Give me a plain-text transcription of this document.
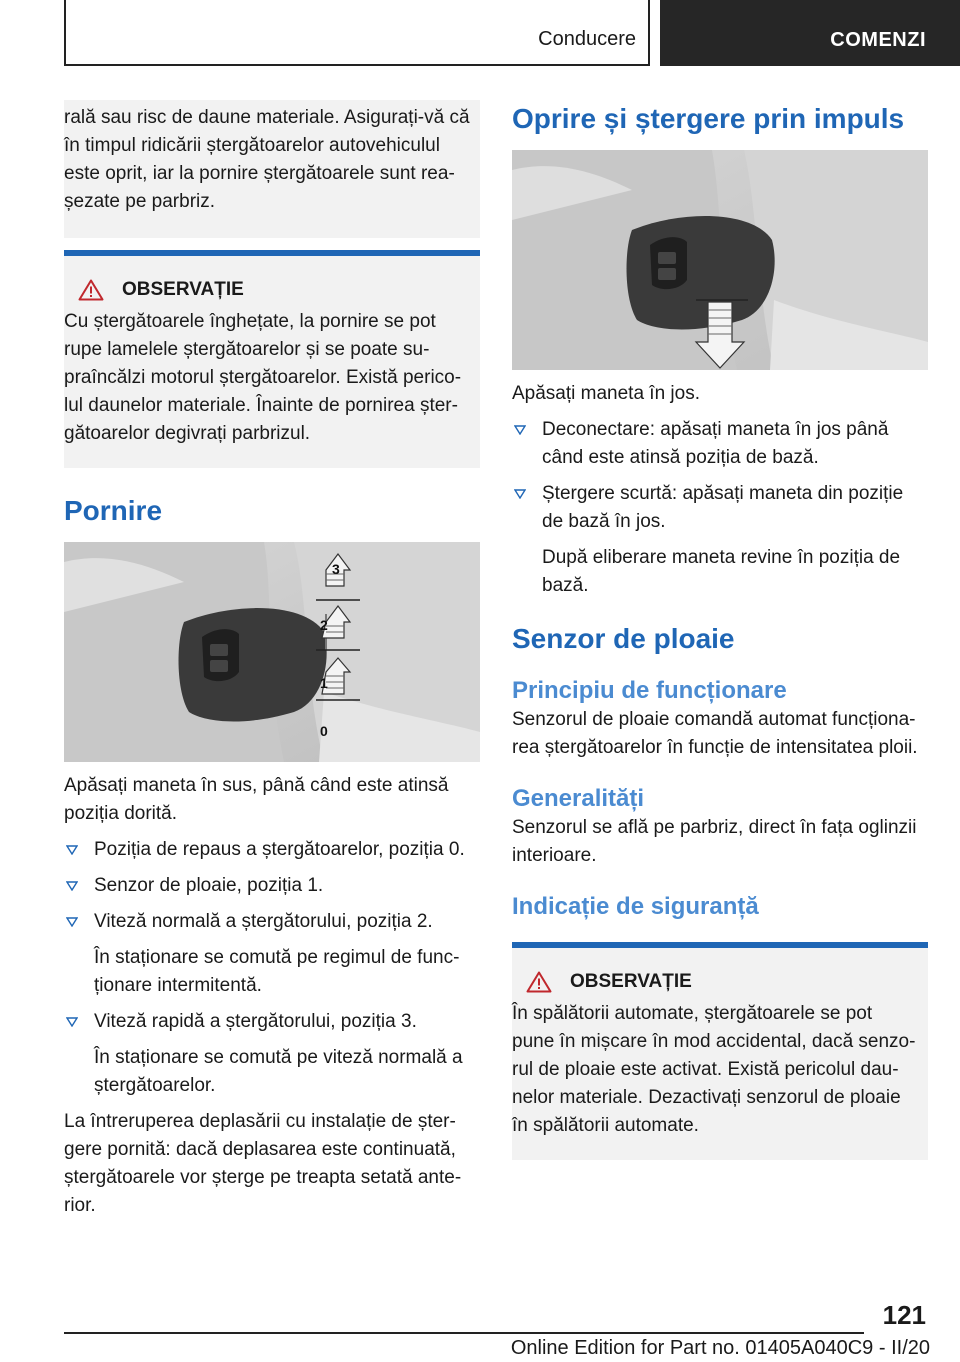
Conducere	COMENZI
rală sau risc de daune materiale. Asigurați-vă că în timpul ridicării ștergătoarelor autovehiculul este oprit, iar la pornire ștergătoarele sunt reașezate pe parbriz.
OBSERVAȚIE
Cu ștergătoarele înghețate, la pornire se pot rupe lamelele ștergătoarelor și se poate supraîncălzi motorul ștergătoarelor. Există pericolul daunelor materiale. Înainte de pornirea ștergătoarelor degivrați parbrizul.
Pornire
3
2
1
0
Apăsați maneta în sus, până când este atinsă poziția dorită.
Poziția de repaus a ștergătoarelor, poziția 0.
Senzor de ploaie, poziția 1.
Viteză normală a ștergătorului, poziția 2.
În staționare se comută pe regimul de funcționare intermitentă.
Viteză rapidă a ștergătorului, poziția 3.
În staționare se comută pe viteză normală a ștergătoarelor.
La întreruperea deplasării cu instalație de ștergere pornită: dacă deplasarea este continuată, ștergătoarele vor șterge pe treapta setată anterior.
Oprire și ștergere prin impuls
Apăsați maneta în jos.
Deconectare: apăsați maneta în jos până când este atinsă poziția de bază.
Ștergere scurtă: apăsați maneta din poziție de bază în jos.
După eliberare maneta revine în poziția de bază.
Senzor de ploaie
Principiu de funcționare
Senzorul de ploaie comandă automat funcționarea ștergătoarelor în funcție de intensitatea ploii.
Generalități
Senzorul se află pe parbriz, direct în fața oglinzii interioare.
Indicație de siguranță
OBSERVAȚIE
În spălătorii automate, ștergătoarele se pot pune în mișcare în mod accidental, dacă senzorul de ploaie este activat. Există pericolul daunelor materiale. Dezactivați senzorul de ploaie în spălătorii automate.
121
Online Edition for Part no. 01405A040C9 - II/20
